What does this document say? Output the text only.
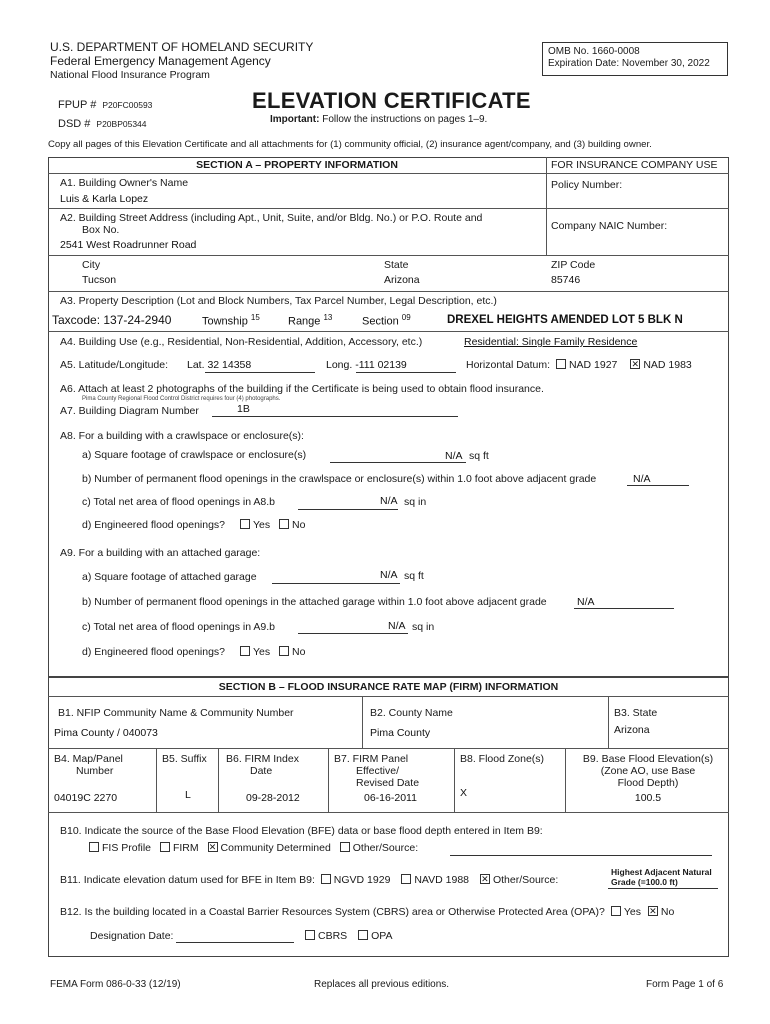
U.S. DEPARTMENT OF HOMELAND SECURITY
Federal Emergency Management Agency
National Flood Insurance Program
OMB No. 1660-0008
Expiration Date: November 30, 2022
FPUP # P20FC00593
DSD # P20BP05344
ELEVATION CERTIFICATE
Important: Follow the instructions on pages 1–9.
Copy all pages of this Elevation Certificate and all attachments for (1) community official, (2) insurance agent/company, and (3) building owner.
SECTION A – PROPERTY INFORMATION	FOR INSURANCE COMPANY USE
A1. Building Owner's Name
Luis & Karla Lopez
Policy Number:
A2. Building Street Address (including Apt., Unit, Suite, and/or Bldg. No.) or P.O. Route and
Box No.
2541 West Roadrunner Road
Company NAIC Number:
City
Tucson
State
Arizona
ZIP Code
85746
A3. Property Description (Lot and Block Numbers, Tax Parcel Number, Legal Description, etc.)
Taxcode: 137-24-2940	Township $^{15}$	Range $^{13}$	Section $^{09}$	DREXEL HEIGHTS AMENDED LOT 5 BLK N
A4. Building Use (e.g., Residential, Non-Residential, Addition, Accessory, etc.)	Residential: Single Family Residence
A5. Latitude/Longitude: Lat. 32 14358	Long. -111 02139	Horizontal Datum: NAD 1927 ✕ NAD 1983
A6. Attach at least 2 photographs of the building if the Certificate is being used to obtain flood insurance.
Pima County Regional Flood Control District requires four (4) photographs.
A7. Building Diagram Number	1B
A8. For a building with a crawlspace or enclosure(s):
a) Square footage of crawlspace or enclosure(s)	N/A sq ft
b) Number of permanent flood openings in the crawlspace or enclosure(s) within 1.0 foot above adjacent grade	N/A
c) Total net area of flood openings in A8.b	N/A sq in
d) Engineered flood openings?	Yes No
A9. For a building with an attached garage:
a) Square footage of attached garage	N/A sq ft
b) Number of permanent flood openings in the attached garage within 1.0 foot above adjacent grade	N/A
c) Total net area of flood openings in A9.b	N/A sq in
d) Engineered flood openings?	Yes No
SECTION B – FLOOD INSURANCE RATE MAP (FIRM) INFORMATION
B1. NFIP Community Name & Community Number
Pima County / 040073
B2. County Name
Pima County
B3. State
Arizona
B4. Map/Panel
Number
04019C 2270
B5. Suffix
L
B6. FIRM Index
Date
09-28-2012
B7. FIRM Panel
Effective/
Revised Date
06-16-2011
B8. Flood Zone(s)
X
B9. Base Flood Elevation(s)
(Zone AO, use Base
Flood Depth)
100.5
B10. Indicate the source of the Base Flood Elevation (BFE) data or base flood depth entered in Item B9:
FIS Profile FIRM ✕ Community Determined Other/Source:
B11. Indicate elevation datum used for BFE in Item B9: NGVD 1929 NAVD 1988 ✕ Other/Source:
Highest Adjacent Natural
Grade (=100.0 ft)
B12. Is the building located in a Coastal Barrier Resources System (CBRS) area or Otherwise Protected Area (OPA)? Yes ✕ No
Designation Date:	CBRS OPA
FEMA Form 086-0-33 (12/19)	Replaces all previous editions.	Form Page 1 of 6
